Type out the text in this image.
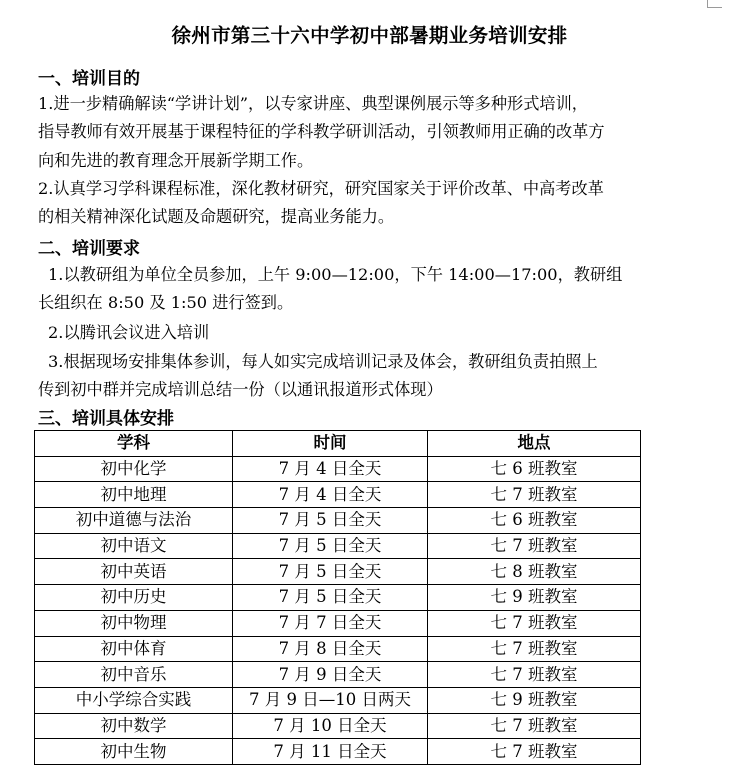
徐州市第三十六中学初中部暑期业务培训安排
一、培训目的
1.进一步精确解读“学讲计划”，以专家讲座、典型课例展示等多种形式培训，
指导教师有效开展基于课程特征的学科教学研训活动，引领教师用正确的改革方
向和先进的教育理念开展新学期工作。
2.认真学习学科课程标准，深化教材研究，研究国家关于评价改革、中高考改革
的相关精神深化试题及命题研究，提高业务能力。
二、培训要求
1.以教研组为单位全员参加，上午 9:00—12:00，下午 14:00—17:00，教研组
长组织在 8:50 及 1:50 进行签到。
2.以腾讯会议进入培训
3.根据现场安排集体参训，每人如实完成培训记录及体会，教研组负责拍照上
传到初中群并完成培训总结一份（以通讯报道形式体现）
三、培训具体安排
学科	时间	地点
初中化学	7 月 4 日全天	七 6 班教室
初中地理	7 月 4 日全天	七 7 班教室
初中道德与法治	7 月 5 日全天	七 6 班教室
初中语文	7 月 5 日全天	七 7 班教室
初中英语	7 月 5 日全天	七 8 班教室
初中历史	7 月 5 日全天	七 9 班教室
初中物理	7 月 7 日全天	七 7 班教室
初中体育	7 月 8 日全天	七 7 班教室
初中音乐	7 月 9 日全天	七 7 班教室
中小学综合实践	7 月 9 日—10 日两天	七 9 班教室
初中数学	7 月 10 日全天	七 7 班教室
初中生物	7 月 11 日全天	七 7 班教室
